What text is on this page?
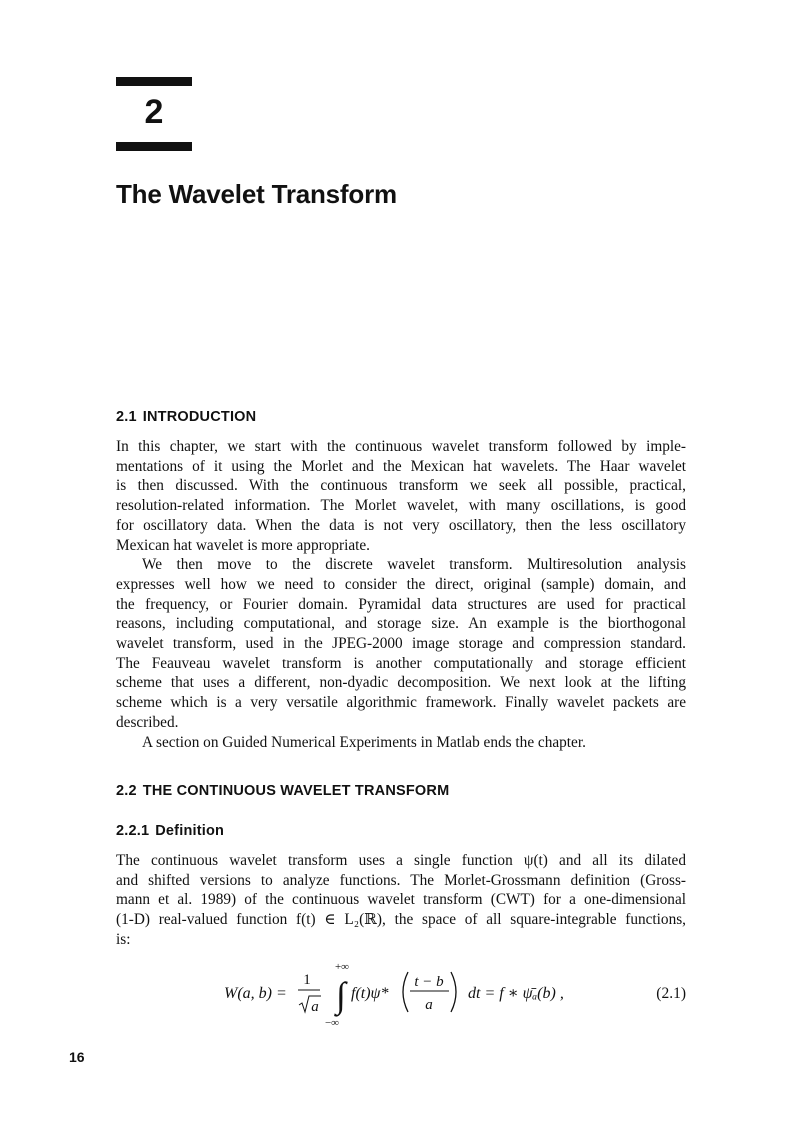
2
The Wavelet Transform
2.1 INTRODUCTION
In this chapter, we start with the continuous wavelet transform followed by imple-
mentations of it using the Morlet and the Mexican hat wavelets. The Haar wavelet
is then discussed. With the continuous transform we seek all possible, practical,
resolution-related information. The Morlet wavelet, with many oscillations, is good
for oscillatory data. When the data is not very oscillatory, then the less oscillatory
Mexican hat wavelet is more appropriate.
We then move to the discrete wavelet transform. Multiresolution analysis
expresses well how we need to consider the direct, original (sample) domain, and
the frequency, or Fourier domain. Pyramidal data structures are used for practical
reasons, including computational, and storage size. An example is the biorthogonal
wavelet transform, used in the JPEG-2000 image storage and compression standard.
The Feauveau wavelet transform is another computationally and storage efficient
scheme that uses a different, non-dyadic decomposition. We next look at the lifting
scheme which is a very versatile algorithmic framework. Finally wavelet packets are
described.
A section on Guided Numerical Experiments in Matlab ends the chapter.
2.2 THE CONTINUOUS WAVELET TRANSFORM
2.2.1 Definition
The continuous wavelet transform uses a single function ψ(t) and all its dilated
and shifted versions to analyze functions. The Morlet-Grossmann definition (Gross-
mann et al. 1989) of the continuous wavelet transform (CWT) for a one-dimensional
(1-D) real-valued function f(t) ∈ L₂(ℝ), the space of all square-integrable functions,
is:
W(a, b) =
1
a
+∞
∫
−∞
f(t)ψ*
t − b
a
dt = f ∗ ψ̄ₐ(b) ,	(2.1)
16
